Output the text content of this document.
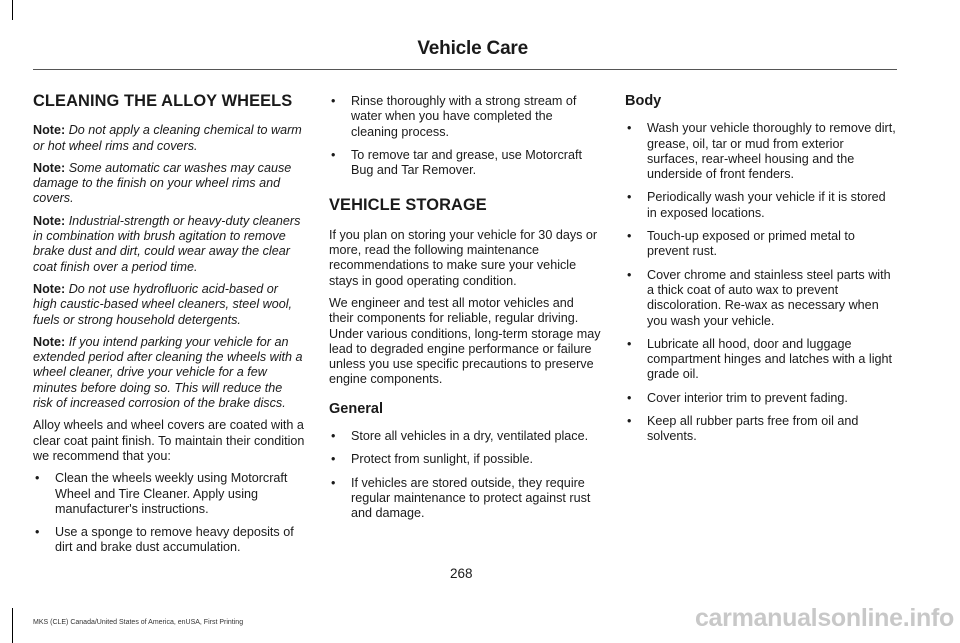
Vehicle Care
CLEANING THE ALLOY WHEELS

Note: Do not apply a cleaning chemical to warm or hot wheel rims and covers.

Note: Some automatic car washes may cause damage to the finish on your wheel rims and covers.

Note: Industrial-strength or heavy-duty cleaners in combination with brush agitation to remove brake dust and dirt, could wear away the clear coat finish over a period time.

Note: Do not use hydrofluoric acid-based or high caustic-based wheel cleaners, steel wool, fuels or strong household detergents.

Note: If you intend parking your vehicle for an extended period after cleaning the wheels with a wheel cleaner, drive your vehicle for a few minutes before doing so. This will reduce the risk of increased corrosion of the brake discs.

Alloy wheels and wheel covers are coated with a clear coat paint finish. To maintain their condition we recommend that you:

• Clean the wheels weekly using Motorcraft Wheel and Tire Cleaner. Apply using manufacturer's instructions.
• Use a sponge to remove heavy deposits of dirt and brake dust accumulation.
• Rinse thoroughly with a strong stream of water when you have completed the cleaning process.
• To remove tar and grease, use Motorcraft Bug and Tar Remover.
VEHICLE STORAGE

If you plan on storing your vehicle for 30 days or more, read the following maintenance recommendations to make sure your vehicle stays in good operating condition.

We engineer and test all motor vehicles and their components for reliable, regular driving. Under various conditions, long-term storage may lead to degraded engine performance or failure unless you use specific precautions to preserve engine components.

General
• Store all vehicles in a dry, ventilated place.
• Protect from sunlight, if possible.
• If vehicles are stored outside, they require regular maintenance to protect against rust and damage.
Body
• Wash your vehicle thoroughly to remove dirt, grease, oil, tar or mud from exterior surfaces, rear-wheel housing and the underside of front fenders.
• Periodically wash your vehicle if it is stored in exposed locations.
• Touch-up exposed or primed metal to prevent rust.
• Cover chrome and stainless steel parts with a thick coat of auto wax to prevent discoloration. Re-wax as necessary when you wash your vehicle.
• Lubricate all hood, door and luggage compartment hinges and latches with a light grade oil.
• Cover interior trim to prevent fading.
• Keep all rubber parts free from oil and solvents.
268
MKS (CLE) Canada/United States of America, enUSA, First Printing	carmanualsonline.info
